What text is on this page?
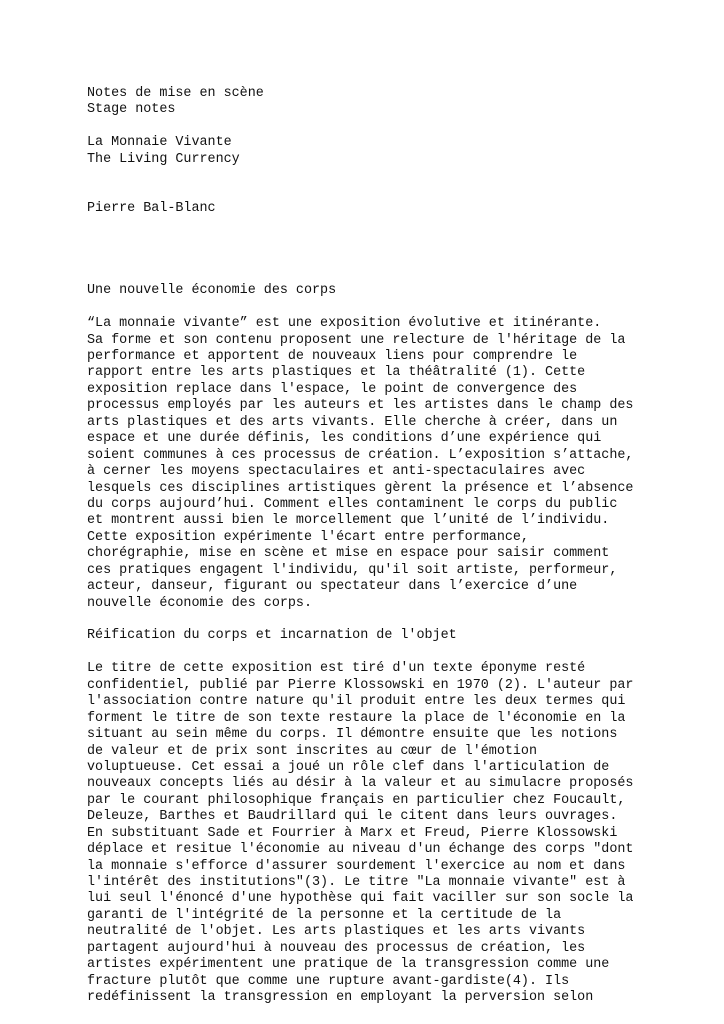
Notes de mise en scène
Stage notes
La Monnaie Vivante
The Living Currency
Pierre Bal-Blanc
Une nouvelle économie des corps
“La monnaie vivante” est une exposition évolutive et itinérante.
Sa forme et son contenu proposent une relecture de l'héritage de la
performance et apportent de nouveaux liens pour comprendre le
rapport entre les arts plastiques et la théâtralité (1). Cette
exposition replace dans l'espace, le point de convergence des
processus employés par les auteurs et les artistes dans le champ des
arts plastiques et des arts vivants. Elle cherche à créer, dans un
espace et une durée définis, les conditions d’une expérience qui
soient communes à ces processus de création. L’exposition s’attache,
à cerner les moyens spectaculaires et anti-spectaculaires avec
lesquels ces disciplines artistiques gèrent la présence et l’absence
du corps aujourd’hui. Comment elles contaminent le corps du public
et montrent aussi bien le morcellement que l’unité de l’individu.
Cette exposition expérimente l'écart entre performance,
chorégraphie, mise en scène et mise en espace pour saisir comment
ces pratiques engagent l'individu, qu'il soit artiste, performeur,
acteur, danseur, figurant ou spectateur dans l’exercice d’une
nouvelle économie des corps.
Réification du corps et incarnation de l'objet
Le titre de cette exposition est tiré d'un texte éponyme resté
confidentiel, publié par Pierre Klossowski en 1970 (2). L'auteur par
l'association contre nature qu'il produit entre les deux termes qui
forment le titre de son texte restaure la place de l'économie en la
situant au sein même du corps. Il démontre ensuite que les notions
de valeur et de prix sont inscrites au cœur de l'émotion
voluptueuse. Cet essai a joué un rôle clef dans l'articulation de
nouveaux concepts liés au désir à la valeur et au simulacre proposés
par le courant philosophique français en particulier chez Foucault,
Deleuze, Barthes et Baudrillard qui le citent dans leurs ouvrages.
En substituant Sade et Fourrier à Marx et Freud, Pierre Klossowski
déplace et resitue l'économie au niveau d'un échange des corps "dont
la monnaie s'efforce d'assurer sourdement l'exercice au nom et dans
l'intérêt des institutions"(3). Le titre "La monnaie vivante" est à
lui seul l'énoncé d'une hypothèse qui fait vaciller sur son socle la
garanti de l'intégrité de la personne et la certitude de la
neutralité de l'objet. Les arts plastiques et les arts vivants
partagent aujourd'hui à nouveau des processus de création, les
artistes expérimentent une pratique de la transgression comme une
fracture plutôt que comme une rupture avant-gardiste(4). Ils
redéfinissent la transgression en employant la perversion selon
